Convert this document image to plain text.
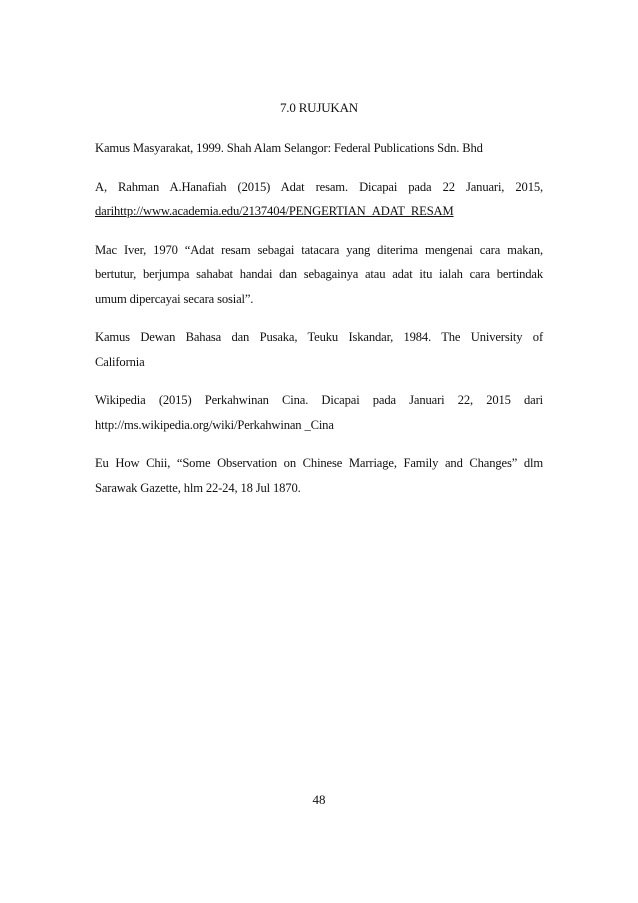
7.0 RUJUKAN
Kamus Masyarakat, 1999. Shah Alam Selangor: Federal Publications Sdn. Bhd
A, Rahman A.Hanafiah (2015) Adat resam. Dicapai pada 22 Januari, 2015,
darihttp://www.academia.edu/2137404/PENGERTIAN_ADAT_RESAM
Mac Iver, 1970 “Adat resam sebagai tatacara yang diterima mengenai cara makan,
bertutur, berjumpa sahabat handai dan sebagainya atau adat itu ialah cara bertindak
umum dipercayai secara sosial”.
Kamus Dewan Bahasa dan Pusaka, Teuku Iskandar, 1984. The University of
California
Wikipedia (2015) Perkahwinan Cina. Dicapai pada Januari 22, 2015 dari
http://ms.wikipedia.org/wiki/Perkahwinan _Cina
Eu How Chii, “Some Observation on Chinese Marriage, Family and Changes” dlm
Sarawak Gazette, hlm 22-24, 18 Jul 1870.
48
